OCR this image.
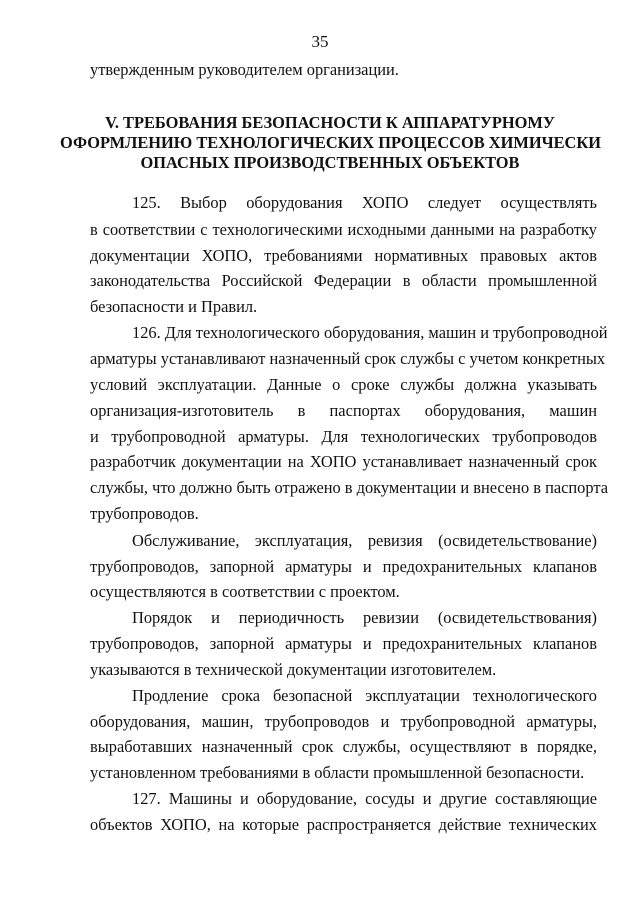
35
утвержденным руководителем организации.
V. ТРЕБОВАНИЯ БЕЗОПАСНОСТИ К АППАРАТУРНОМУ
ОФОРМЛЕНИЮ ТЕХНОЛОГИЧЕСКИХ ПРОЦЕССОВ ХИМИЧЕСКИ
ОПАСНЫХ ПРОИЗВОДСТВЕННЫХ ОБЪЕКТОВ
125. Выбор оборудования ХОПО следует осуществлять
в соответствии с технологическими исходными данными на разработку
документации ХОПО, требованиями нормативных правовых актов
законодательства Российской Федерации в области промышленной
безопасности и Правил.
126. Для технологического оборудования, машин и трубопроводной
арматуры устанавливают назначенный срок службы с учетом конкретных
условий эксплуатации. Данные о сроке службы должна указывать
организация-изготовитель в паспортах оборудования, машин
и трубопроводной арматуры. Для технологических трубопроводов
разработчик документации на ХОПО устанавливает назначенный срок
службы, что должно быть отражено в документации и внесено в паспорта
трубопроводов.
Обслуживание, эксплуатация, ревизия (освидетельствование)
трубопроводов, запорной арматуры и предохранительных клапанов
осуществляются в соответствии с проектом.
Порядок и периодичность ревизии (освидетельствования)
трубопроводов, запорной арматуры и предохранительных клапанов
указываются в технической документации изготовителем.
Продление срока безопасной эксплуатации технологического
оборудования, машин, трубопроводов и трубопроводной арматуры,
выработавших назначенный срок службы, осуществляют в порядке,
установленном требованиями в области промышленной безопасности.
127. Машины и оборудование, сосуды и другие составляющие
объектов ХОПО, на которые распространяется действие технических
